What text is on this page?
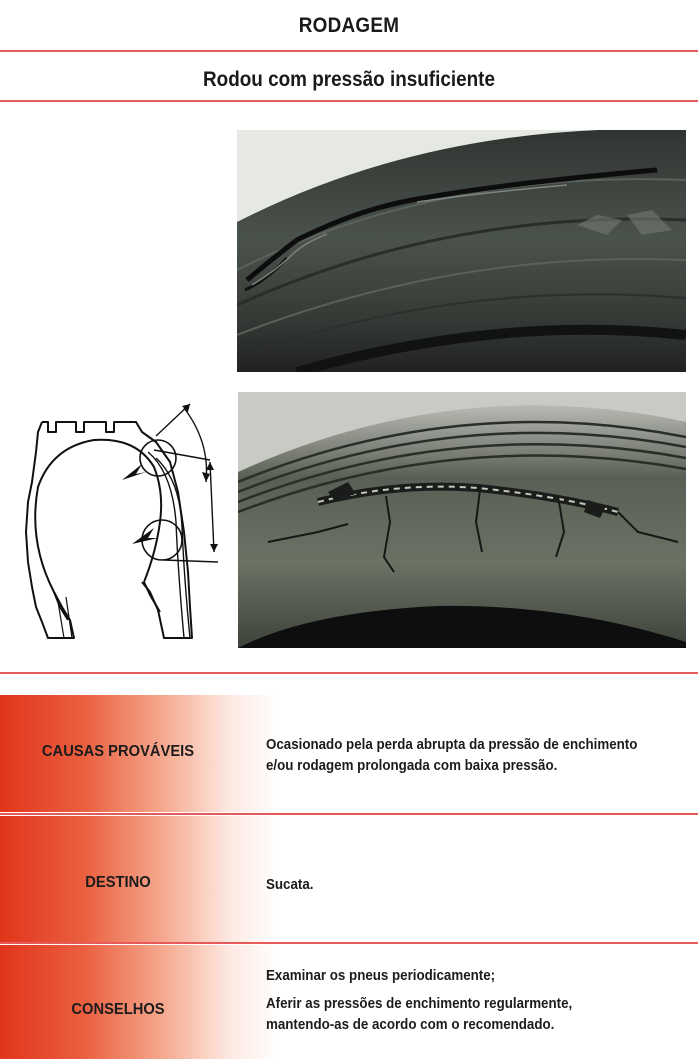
RODAGEM
Rodou com pressão insuficiente
CAUSAS PROVÁVEIS	Ocasionado pela perda abrupta da pressão de enchimento
e/ou rodagem prolongada com baixa pressão.
DESTINO	Sucata.
CONSELHOS
Examinar os pneus periodicamente;
Aferir as pressões de enchimento regularmente,
mantendo-as de acordo com o recomendado.
